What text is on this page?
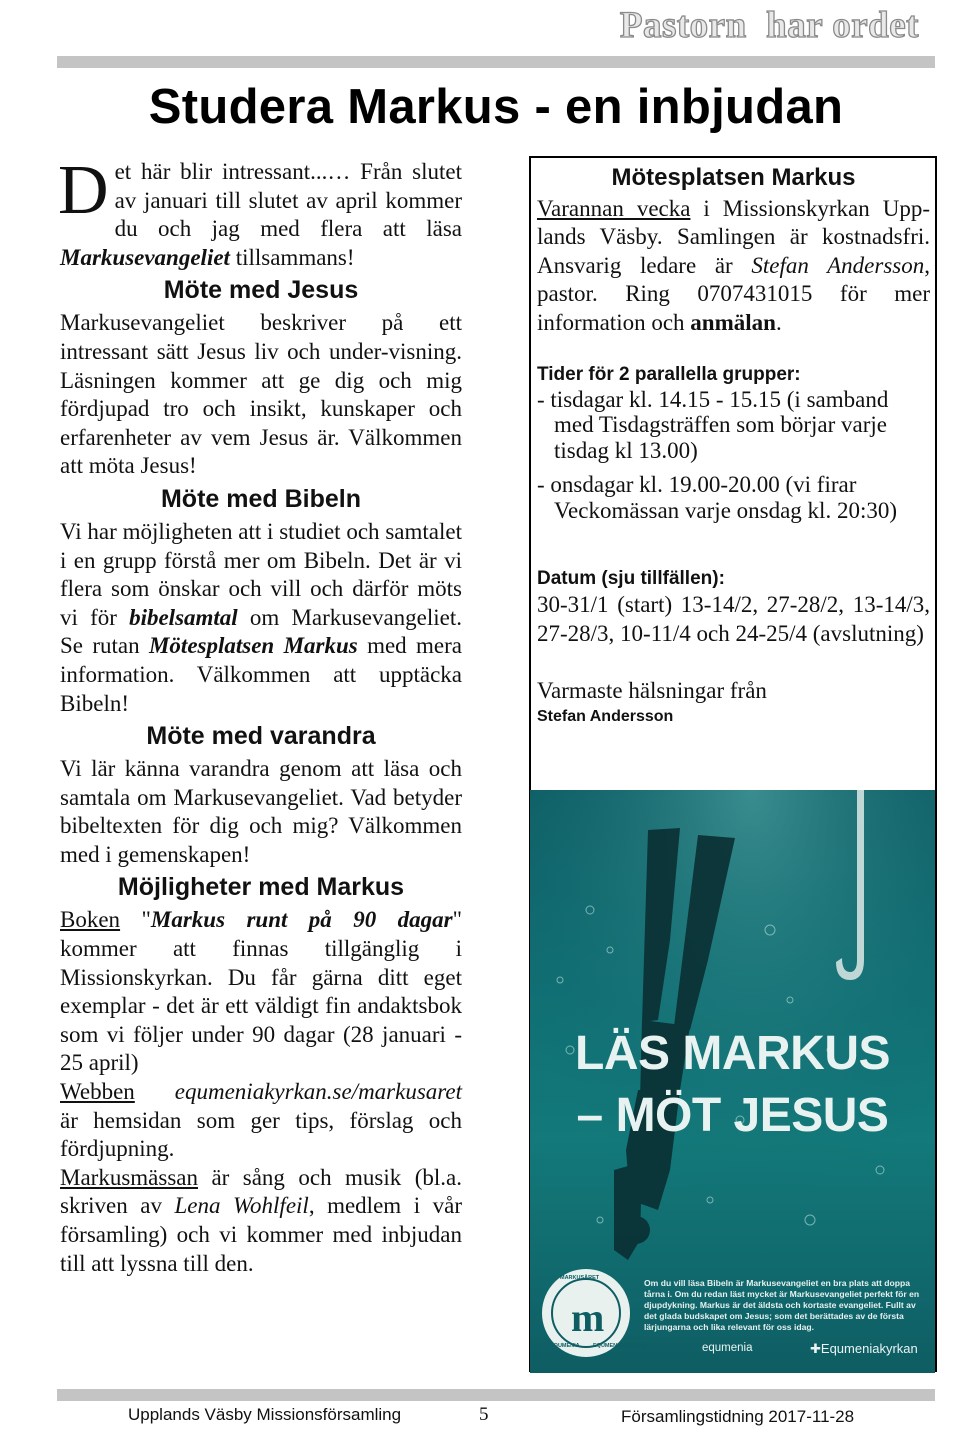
Pastorn  har ordet
Studera Markus - en inbjudan

Det här blir intressant...… Från slutet av januari till slutet av april kommer du och jag med flera att läsa Markusevangeliet tillsammans!

Möte med Jesus

Markusevangeliet beskriver på ett intressant sätt Jesus liv och under-visning. Läsningen kommer att ge dig och mig fördjupad tro och insikt, kunskaper och erfarenheter av vem Jesus är. Välkommen att möta Jesus!

Möte med Bibeln

Vi har möjligheten att i studiet och samtalet i en grupp förstå mer om Bibeln. Det är vi flera som önskar och vill och därför möts vi för bibelsamtal om Markusevangeliet. Se rutan Mötesplatsen Markus med mera information. Välkommen att upptäcka Bibeln!

Möte med varandra

Vi lär känna varandra genom att läsa och samtala om Markusevangeliet. Vad betyder bibeltexten för dig och mig? Välkommen med i gemenskapen!

Möjligheter med Markus

Boken "Markus runt på 90 dagar" kommer att finnas tillgänglig i Missionskyrkan. Du får gärna ditt eget exemplar - det är ett väldigt fin andaktsbok som vi följer under 90 dagar (28 januari - 25 april)

Webben equmeniakyrkan.se/markusaret är hemsidan som ger tips, förslag och fördjupning.

Markusmässan är sång och musik (bl.a. skriven av Lena Wohlfeil, medlem i vår församling) och vi kommer med inbjudan till att lyssna till den.

Mötesplatsen Markus

Varannan vecka i Missionskyrkan Upp-lands Väsby. Samlingen är kostnadsfri. Ansvarig ledare är Stefan Andersson, pastor. Ring 0707431015 för mer information och anmälan.

Tider för 2 parallella grupper:
- tisdagar kl. 14.15 - 15.15 (i samband med Tisdagsträffen som börjar varje tisdag kl 13.00)
- onsdagar kl. 19.00-20.00 (vi firar Veckomässan varje onsdag kl. 20:30)
Datum (sju tillfällen):

30-31/1 (start) 13-14/2, 27-28/2, 13-14/3, 27-28/3, 10-11/4 och 24-25/4 (avslutning)

Varmaste hälsningar från

Stefan Andersson
LÄS MARKUS
– MÖT JESUS
m
MARKUSÅRET
EQUMENIA EQUMENIAKYRKAN
Om du vill läsa Bibeln är Markusevangeliet en bra plats att doppa tårna i. Om du redan läst mycket är Markusevangeliet perfekt för en djupdykning. Markus är det äldsta och kortaste evangeliet. Fullt av det glada budskapet om Jesus; som det berättades av de första lärjungarna och lika relevant för oss idag.
equmenia	✚Equmeniakyrkan
Upplands Väsby Missionsförsamling	5	Församlingstidning 2017-11-28
